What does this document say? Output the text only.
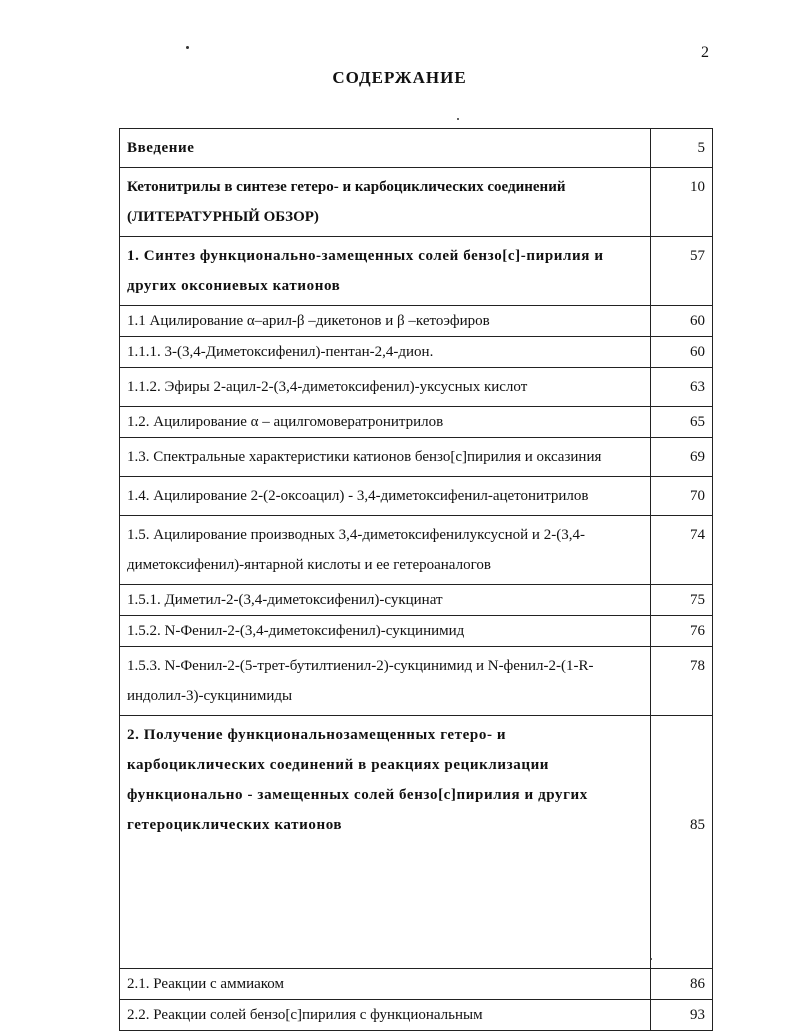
2
СОДЕРЖАНИЕ
Введение	5
Кетонитрилы в синтезе гетеро- и карбоциклических соединений (ЛИТЕРАТУРНЫЙ ОБЗОР)	10
1. Синтез функционально-замещенных солей бензо[c]-пирилия и других оксониевых катионов	57
1.1 Ацилирование α–арил-β –дикетонов и β –кетоэфиров	60
1.1.1. 3-(3,4-Диметоксифенил)-пентан-2,4-дион.	60
1.1.2. Эфиры 2-ацил-2-(3,4-диметоксифенил)-уксусных кислот	63
1.2. Ацилирование α – ацилгомовератронитрилов	65
1.3. Спектральные характеристики катионов бензо[c]пирилия и оксазиния	69
1.4. Ацилирование 2-(2-оксоацил) - 3,4-диметоксифенил-ацетонитрилов	70
1.5. Ацилирование производных 3,4-диметоксифенилуксусной и 2-(3,4-диметоксифенил)-янтарной кислоты и ее гетероаналогов	74
1.5.1. Диметил-2-(3,4-диметоксифенил)-сукцинат	75
1.5.2. N-Фенил-2-(3,4-диметоксифенил)-сукцинимид	76
1.5.3. N-Фенил-2-(5-трет-бутилтиенил-2)-сукцинимид и N-фенил-2-(1-R-индолил-3)-сукцинимиды	78
2. Получение функциональнозамещенных гетеро- и карбоциклических соединений в реакциях рециклизации функционально - замещенных солей бензо[c]пирилия и других гетероциклических катионов	85
2.1. Реакции с аммиаком	86
2.2. Реакции солей бензо[c]пирилия с функциональным	93
